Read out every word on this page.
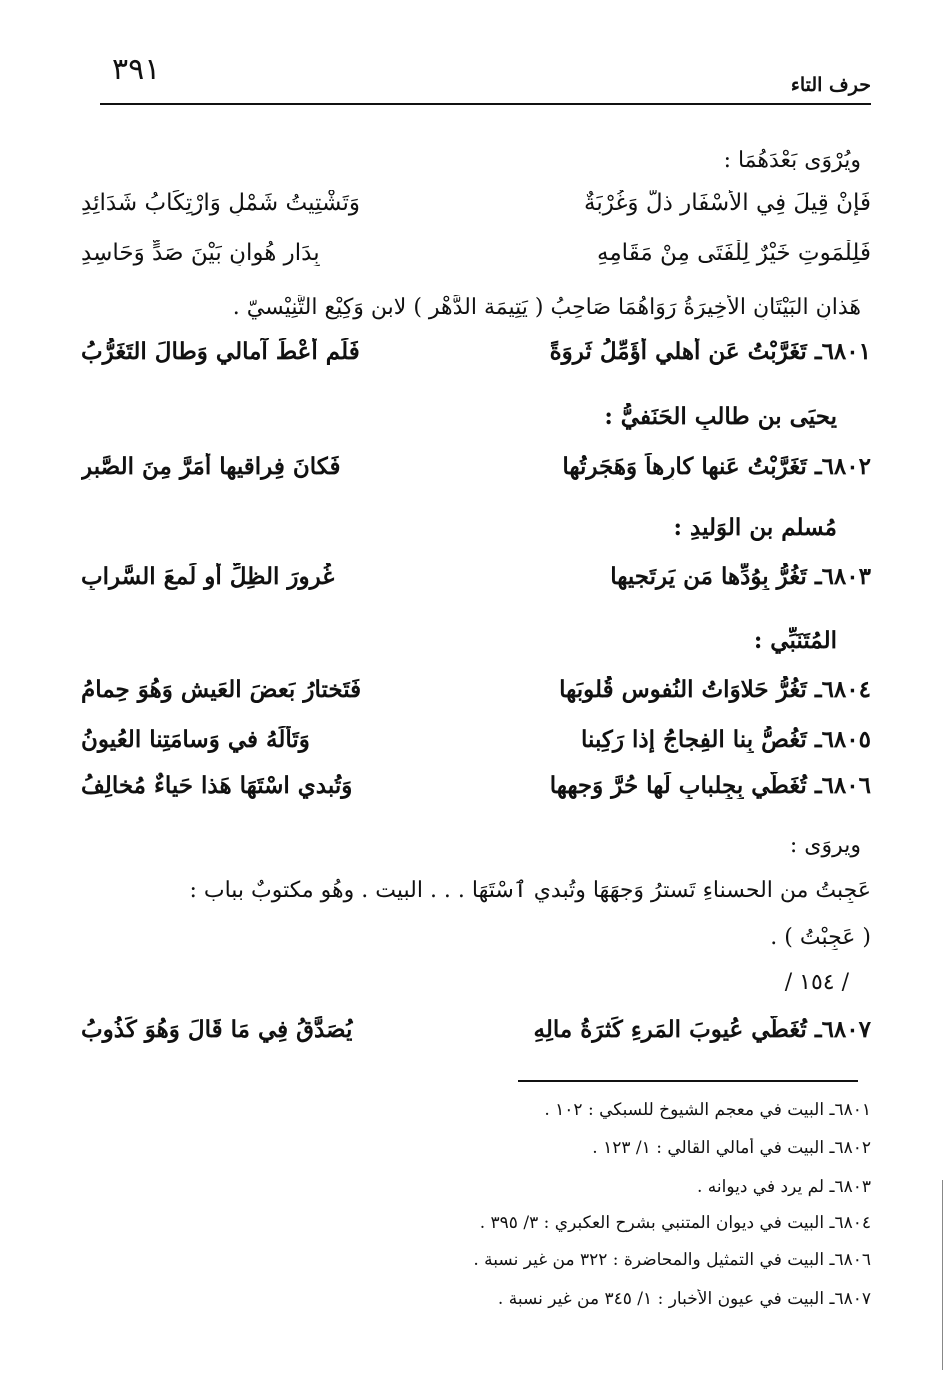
٣٩١	حرف التاء
ويُرْوَى بَعْدَهُمَا :
فَإنْ قِيلَ فِي الأسْفَارِ ذلٌّ وَغُرْبَةٌ
وَتَشْتِيتُ شَمْلٍ وَارْتِكَابُ شَدَائِدِ
فَلِلْمَوتِ خَيْرٌ لِلْفَتَى مِنْ مَقَامِهِ
بِدَارِ هُوانٍ بَيْنَ صَدٍّ وَحَاسِدِ
هَذانِ البَيْتَانِ الأخِيرَةُ رَوَاهُمَا صَاحِبُ ( يَتِيمَة الدَّهْرِ ) لابنِ وَكِيْعِ التَّنِيْسيّ .
٦٨٠١ـ تَغَرَّبْتُ عَن أَهلي أُؤَمِّلُ ثَروَةً
فَلَم أُعْطَ آمالي وَطالَ التَغَرُّبُ
يحيَى بن طالبٍ الحَنَفيُّ :
٦٨٠٢ـ تَغَرَّبْتُ عَنها كارِهاً وَهَجَرتُها
فَكانَ فِراقيها أَمَرَّ مِنَ الصَّبرِ
مُسلم بن الوَليدِ :
٦٨٠٣ـ تَغُرُّ بِوُدِّها مَن يَرتَجيها
غُرورَ الظِلِّ أَو لَمعَ السَّرابِ
المُتَنَبِّي :
٦٨٠٤ـ تَغُرُّ حَلاوَاتُ النُفوسِ قُلوبَها
فَتَختارُ بَعضَ العَيشِ وَهُوَ حِمامُ
٦٨٠٥ـ تَغُصُّ بِنا الفِجاجُ إِذا رَكِبنا
وَتَأْلَهُ في وَسامَتِنا العُيونُ
٦٨٠٦ـ تُغَطّي بِجِلبابٍ لَها حُرَّ وَجهِها
وَتُبدي اسْتَهَا هَذا حَياءٌ مُخالِفُ
ويروَى :
عَجِبتُ من الحسناءِ تَسترُ وَجهَهَا وتُبدي ٱسْتَهَا . . . البيت . وهُو مكتوبٌ بباب :
( عَجِبْتُ ) .
/ ١٥٤ /
٦٨٠٧ـ تُغَطّي عُيوبَ المَرءِ كَثرَةُ مالِهِ
يُصَدَّقُ فِي مَا قَالَ وَهُوَ كَذُوبُ
٦٨٠١ـ البيت في معجم الشيوخ للسبكي : ١٠٢ .
٦٨٠٢ـ البيت في أمالي القالي : ١/ ١٢٣ .
٦٨٠٣ـ لم يرد في ديوانه .
٦٨٠٤ـ البيت في ديوان المتنبي بشرح العكبري : ٣/ ٣٩٥ .
٦٨٠٦ـ البيت في التمثيل والمحاضرة : ٣٢٢ من غير نسبة .
٦٨٠٧ـ البيت في عيون الأخبار : ١/ ٣٤٥ من غير نسبة .
